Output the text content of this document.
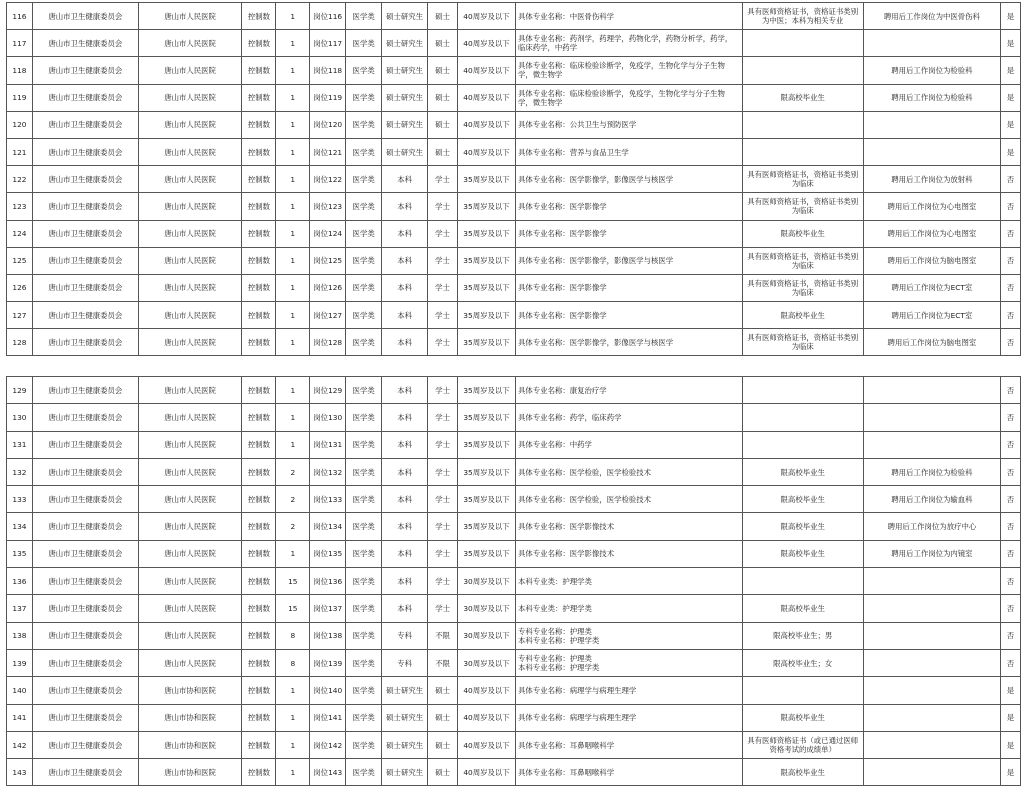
116	唐山市卫生健康委员会	唐山市人民医院	控制数	1	岗位116	医学类	硕士研究生	硕士	40周岁及以下	具体专业名称：中医骨伤科学	具有医师资格证书，资格证书类别为中医；本科为相关专业	聘用后工作岗位为中医骨伤科	是
117	唐山市卫生健康委员会	唐山市人民医院	控制数	1	岗位117	医学类	硕士研究生	硕士	40周岁及以下	具体专业名称：药剂学，药理学，药物化学，药物分析学，药学，临床药学，中药学			是
118	唐山市卫生健康委员会	唐山市人民医院	控制数	1	岗位118	医学类	硕士研究生	硕士	40周岁及以下	具体专业名称：临床检验诊断学，免疫学，生物化学与分子生物学，微生物学		聘用后工作岗位为检验科	是
119	唐山市卫生健康委员会	唐山市人民医院	控制数	1	岗位119	医学类	硕士研究生	硕士	40周岁及以下	具体专业名称：临床检验诊断学，免疫学，生物化学与分子生物学，微生物学	限高校毕业生	聘用后工作岗位为检验科	是
120	唐山市卫生健康委员会	唐山市人民医院	控制数	1	岗位120	医学类	硕士研究生	硕士	40周岁及以下	具体专业名称：公共卫生与预防医学			是
121	唐山市卫生健康委员会	唐山市人民医院	控制数	1	岗位121	医学类	硕士研究生	硕士	40周岁及以下	具体专业名称：营养与食品卫生学			是
122	唐山市卫生健康委员会	唐山市人民医院	控制数	1	岗位122	医学类	本科	学士	35周岁及以下	具体专业名称：医学影像学，影像医学与核医学	具有医师资格证书，资格证书类别为临床	聘用后工作岗位为放射科	否
123	唐山市卫生健康委员会	唐山市人民医院	控制数	1	岗位123	医学类	本科	学士	35周岁及以下	具体专业名称：医学影像学	具有医师资格证书，资格证书类别为临床	聘用后工作岗位为心电图室	否
124	唐山市卫生健康委员会	唐山市人民医院	控制数	1	岗位124	医学类	本科	学士	35周岁及以下	具体专业名称：医学影像学	限高校毕业生	聘用后工作岗位为心电图室	否
125	唐山市卫生健康委员会	唐山市人民医院	控制数	1	岗位125	医学类	本科	学士	35周岁及以下	具体专业名称：医学影像学，影像医学与核医学	具有医师资格证书，资格证书类别为临床	聘用后工作岗位为脑电图室	否
126	唐山市卫生健康委员会	唐山市人民医院	控制数	1	岗位126	医学类	本科	学士	35周岁及以下	具体专业名称：医学影像学	具有医师资格证书，资格证书类别为临床	聘用后工作岗位为ECT室	否
127	唐山市卫生健康委员会	唐山市人民医院	控制数	1	岗位127	医学类	本科	学士	35周岁及以下	具体专业名称：医学影像学	限高校毕业生	聘用后工作岗位为ECT室	否
128	唐山市卫生健康委员会	唐山市人民医院	控制数	1	岗位128	医学类	本科	学士	35周岁及以下	具体专业名称：医学影像学，影像医学与核医学	具有医师资格证书，资格证书类别为临床	聘用后工作岗位为脑电图室	否
129	唐山市卫生健康委员会	唐山市人民医院	控制数	1	岗位129	医学类	本科	学士	35周岁及以下	具体专业名称：康复治疗学			否
130	唐山市卫生健康委员会	唐山市人民医院	控制数	1	岗位130	医学类	本科	学士	35周岁及以下	具体专业名称：药学，临床药学			否
131	唐山市卫生健康委员会	唐山市人民医院	控制数	1	岗位131	医学类	本科	学士	35周岁及以下	具体专业名称：中药学			否
132	唐山市卫生健康委员会	唐山市人民医院	控制数	2	岗位132	医学类	本科	学士	35周岁及以下	具体专业名称：医学检验，医学检验技术	限高校毕业生	聘用后工作岗位为检验科	否
133	唐山市卫生健康委员会	唐山市人民医院	控制数	2	岗位133	医学类	本科	学士	35周岁及以下	具体专业名称：医学检验，医学检验技术	限高校毕业生	聘用后工作岗位为输血科	否
134	唐山市卫生健康委员会	唐山市人民医院	控制数	2	岗位134	医学类	本科	学士	35周岁及以下	具体专业名称：医学影像技术	限高校毕业生	聘用后工作岗位为放疗中心	否
135	唐山市卫生健康委员会	唐山市人民医院	控制数	1	岗位135	医学类	本科	学士	35周岁及以下	具体专业名称：医学影像技术	限高校毕业生	聘用后工作岗位为内镜室	否
136	唐山市卫生健康委员会	唐山市人民医院	控制数	15	岗位136	医学类	本科	学士	30周岁及以下	本科专业类：护理学类			否
137	唐山市卫生健康委员会	唐山市人民医院	控制数	15	岗位137	医学类	本科	学士	30周岁及以下	本科专业类：护理学类	限高校毕业生		否
138	唐山市卫生健康委员会	唐山市人民医院	控制数	8	岗位138	医学类	专科	不限	30周岁及以下	专科专业名称：护理类
本科专业名称：护理学类	限高校毕业生；男		否
139	唐山市卫生健康委员会	唐山市人民医院	控制数	8	岗位139	医学类	专科	不限	30周岁及以下	专科专业名称：护理类
本科专业名称：护理学类	限高校毕业生；女		否
140	唐山市卫生健康委员会	唐山市协和医院	控制数	1	岗位140	医学类	硕士研究生	硕士	40周岁及以下	具体专业名称：病理学与病理生理学			是
141	唐山市卫生健康委员会	唐山市协和医院	控制数	1	岗位141	医学类	硕士研究生	硕士	40周岁及以下	具体专业名称：病理学与病理生理学	限高校毕业生		是
142	唐山市卫生健康委员会	唐山市协和医院	控制数	1	岗位142	医学类	硕士研究生	硕士	40周岁及以下	具体专业名称：耳鼻咽喉科学	具有医师资格证书（或已通过医师资格考试的成绩单）		是
143	唐山市卫生健康委员会	唐山市协和医院	控制数	1	岗位143	医学类	硕士研究生	硕士	40周岁及以下	具体专业名称：耳鼻咽喉科学	限高校毕业生		是
